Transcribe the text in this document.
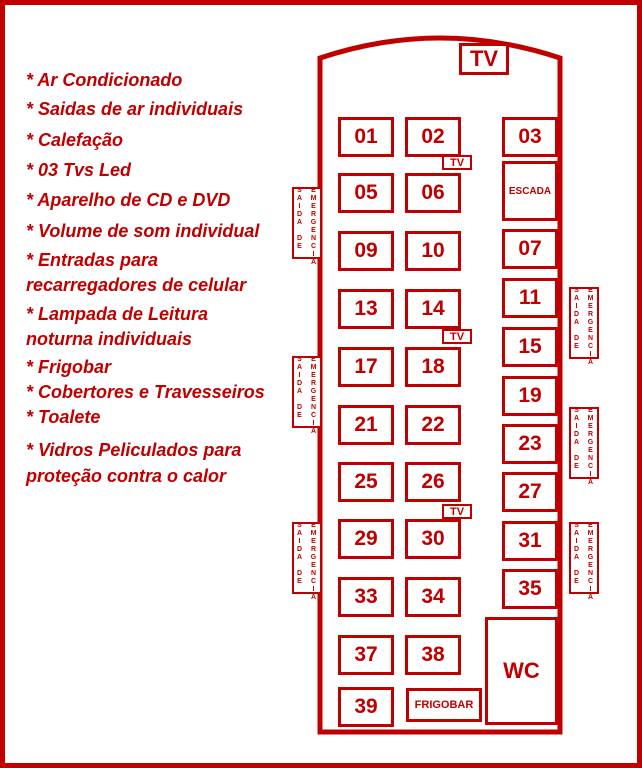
* Ar Condicionado
* Saidas de ar individuais
* Calefação
* 03 Tvs Led
* Aparelho de CD e DVD
* Volume de som individual
* Entradas para
recarregadores de celular
* Lampada de Leitura
noturna individuais
* Frigobar
* Cobertores e Travesseiros
* Toalete
* Vidros Peliculados para
proteção contra o calor
TV
01	02
05	06
09	10
13	14
17	18
21	22
25	26
29	30
33	34
37	38
39
TV
TV
TV
03
07
11
15
19
23
27
31
35
ESCADA
WC
FRIGOBAR
S
A
I
D
A

D
E
E
M
E
R
G
E
N
C
I
A
S
A
I
D
A

D
E
E
M
E
R
G
E
N
C
I
A
S
A
I
D
A

D
E
E
M
E
R
G
E
N
C
I
A
S
A
I
D
A

D
E
E
M
E
R
G
E
N
C
I
A
S
A
I
D
A

D
E
E
M
E
R
G
E
N
C
I
A
S
A
I
D
A

D
E
E
M
E
R
G
E
N
C
I
A
